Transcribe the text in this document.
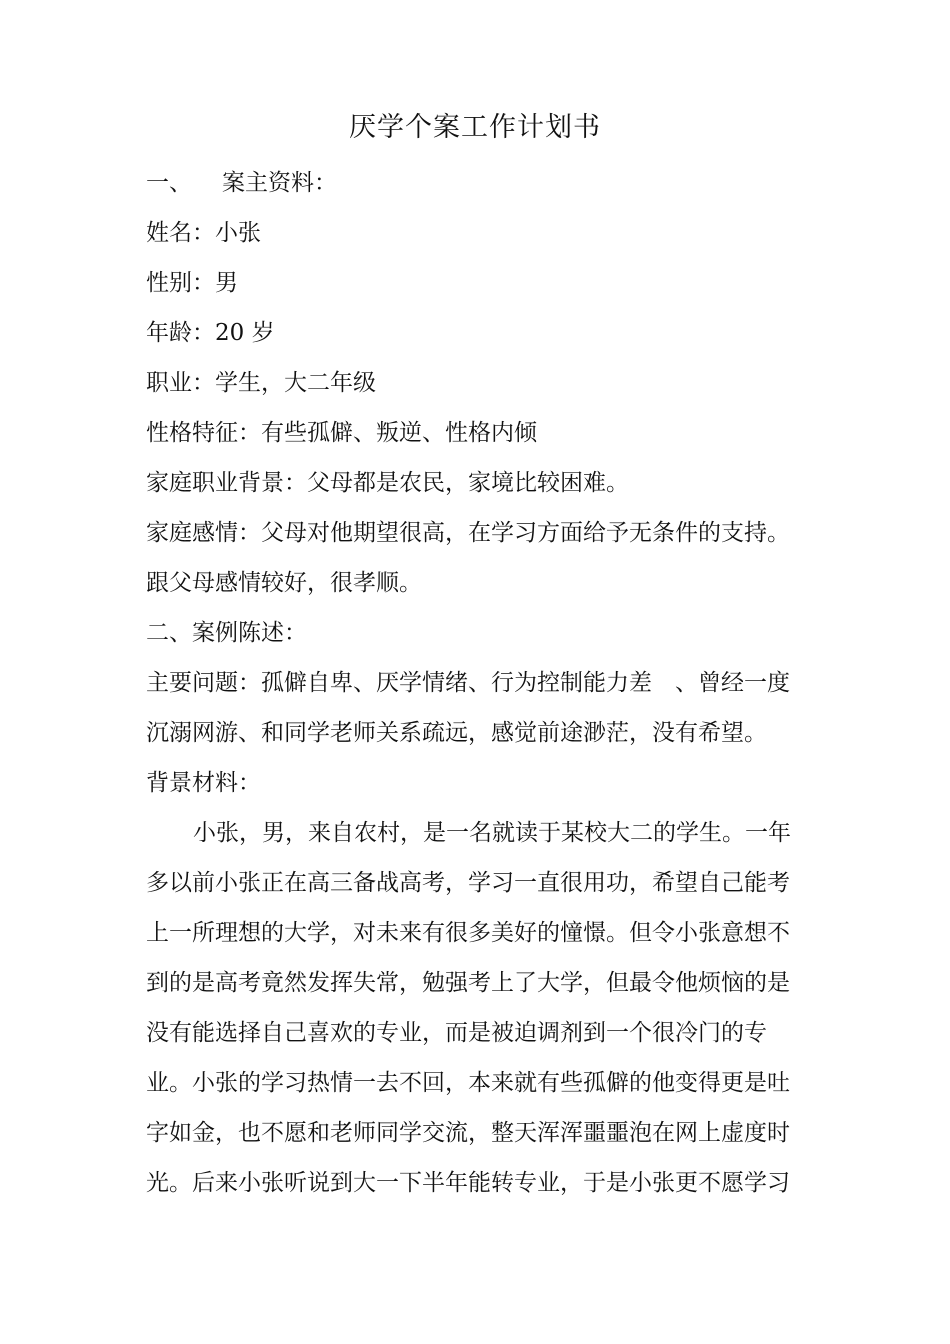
厌学个案工作计划书
一、 案主资料：
姓名：小张
性别：男
年龄：20 岁
职业：学生，大二年级
性格特征：有些孤僻、叛逆、性格内倾
家庭职业背景：父母都是农民，家境比较困难。
家庭感情：父母对他期望很高，在学习方面给予无条件的支持。
跟父母感情较好，很孝顺。
二、案例陈述：
主要问题：孤僻自卑、厌学情绪、行为控制能力差　、曾经一度
沉溺网游、和同学老师关系疏远，感觉前途渺茫，没有希望。
背景材料：
小张，男，来自农村，是一名就读于某校大二的学生。一年
多以前小张正在高三备战高考，学习一直很用功，希望自己能考
上一所理想的大学，对未来有很多美好的憧憬。但令小张意想不
到的是高考竟然发挥失常，勉强考上了大学，但最令他烦恼的是
没有能选择自己喜欢的专业，而是被迫调剂到一个很冷门的专
业。小张的学习热情一去不回，本来就有些孤僻的他变得更是吐
字如金，也不愿和老师同学交流，整天浑浑噩噩泡在网上虚度时
光。后来小张听说到大一下半年能转专业，于是小张更不愿学习
